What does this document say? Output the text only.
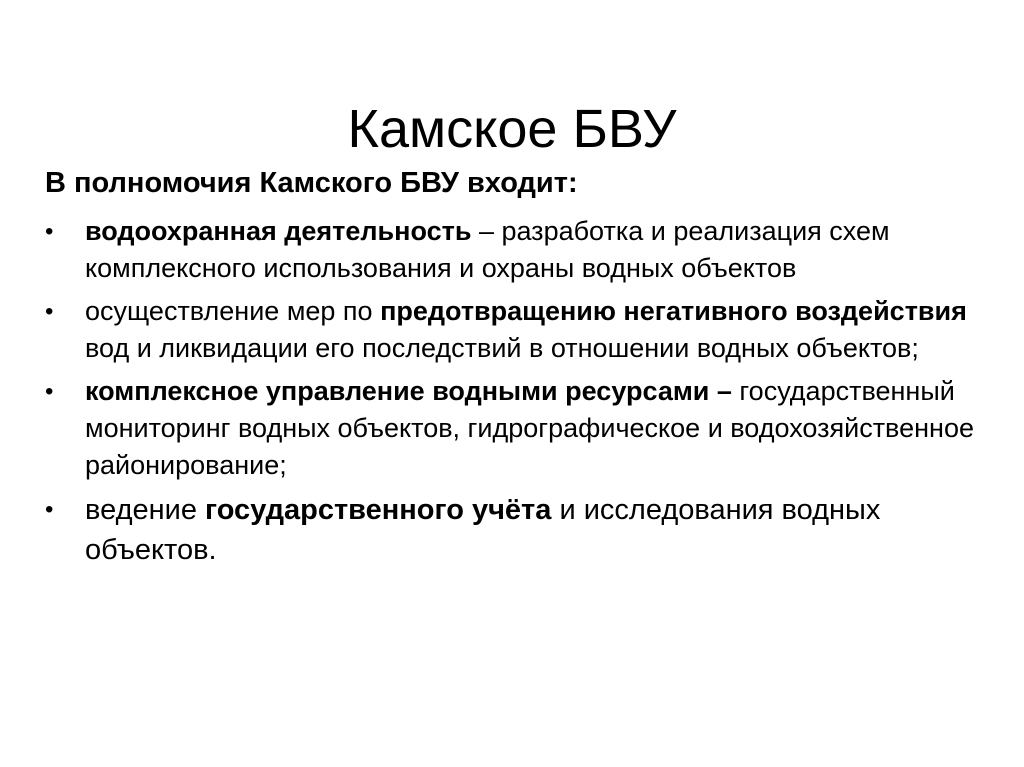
Камское БВУ
В полномочия Камского БВУ входит:
• водоохранная деятельность – разработка и реализация схем комплексного использования и охраны водных объектов
• осуществление мер по предотвращению негативного воздействия вод и ликвидации его последствий в отношении водных объектов;
• комплексное управление водными ресурсами – государственный мониторинг водных объектов, гидрографическое и водохозяйственное районирование;
• ведение государственного учёта и исследования водных объектов.
